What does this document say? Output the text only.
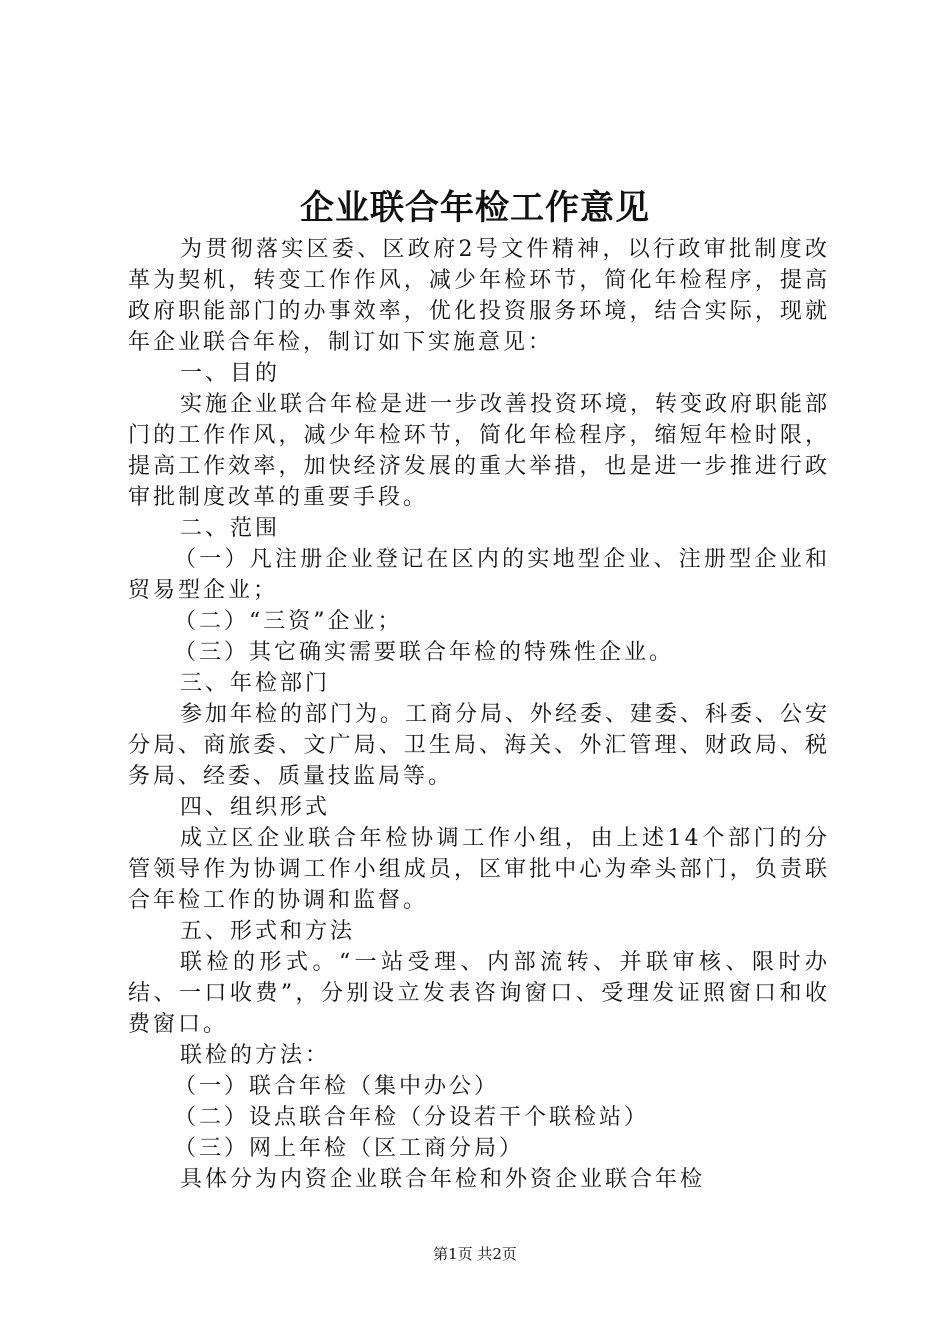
企业联合年检工作意见

为贯彻落实区委、区政府2号文件精神，以行政审批制度改革为契机，转变工作作风，减少年检环节，简化年检程序，提高政府职能部门的办事效率，优化投资服务环境，结合实际，现就年企业联合年检，制订如下实施意见：

一、目的

实施企业联合年检是进一步改善投资环境，转变政府职能部门的工作作风，减少年检环节，简化年检程序，缩短年检时限，提高工作效率，加快经济发展的重大举措，也是进一步推进行政审批制度改革的重要手段。

二、范围

（一）凡注册企业登记在区内的实地型企业、注册型企业和贸易型企业；

（二）“三资”企业；

（三）其它确实需要联合年检的特殊性企业。

三、年检部门

参加年检的部门为。工商分局、外经委、建委、科委、公安分局、商旅委、文广局、卫生局、海关、外汇管理、财政局、税务局、经委、质量技监局等。

四、组织形式

成立区企业联合年检协调工作小组，由上述14个部门的分管领导作为协调工作小组成员，区审批中心为牵头部门，负责联合年检工作的协调和监督。

五、形式和方法

联检的形式。“一站受理、内部流转、并联审核、限时办结、一口收费”，分别设立发表咨询窗口、受理发证照窗口和收费窗口。

联检的方法：

（一）联合年检（集中办公）

（二）设点联合年检（分设若干个联检站）

（三）网上年检（区工商分局）

具体分为内资企业联合年检和外资企业联合年检

第1页 共2页
